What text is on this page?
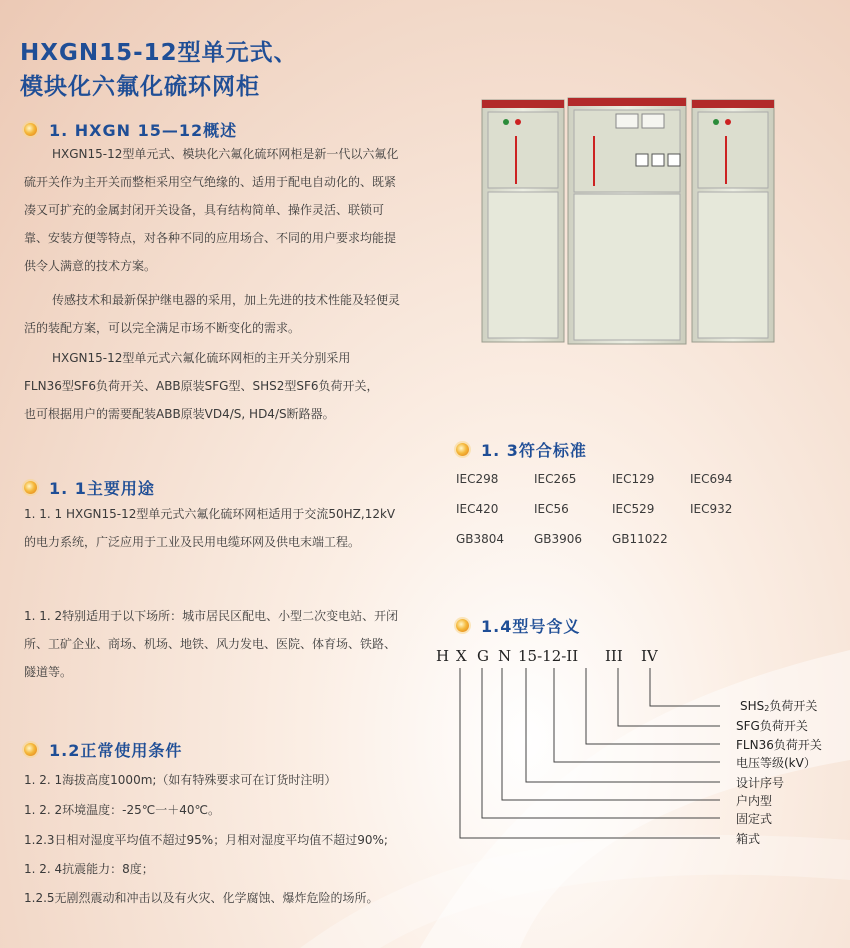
HXGN15-12型单元式、
模块化六氟化硫环网柜
1. HXGN 15—12概述

HXGN15-12型单元式、模块化六氟化硫环网柜是新一代以六氟化硫开关作为主开关而整柜采用空气绝缘的、适用于配电自动化的、既紧凑又可扩充的金属封闭开关设备，具有结构简单、操作灵活、联锁可靠、安装方便等特点，对各种不同的应用场合、不同的用户要求均能提供令人满意的技术方案。

传感技术和最新保护继电器的采用，加上先进的技术性能及轻便灵活的装配方案，可以完全满足市场不断变化的需求。

HXGN15-12型单元式六氟化硫环网柜的主开关分别采用
FLN36型SF6负荷开关、ABB原装SFG型、SHS2型SF6负荷开关，
也可根据用户的需要配装ABB原装VD4/S, HD4/S断路器。
1. 1主要用途

1. 1. 1 HXGN15-12型单元式六氟化硫环网柜适用于交流50HZ,12kV的电力系统，广泛应用于工业及民用电缆环网及供电末端工程。

1. 1. 2特别适用于以下场所：城市居民区配电、小型二次变电站、开闭所、工矿企业、商场、机场、地铁、风力发电、医院、体育场、铁路、隧道等。

1.2正常使用条件
1. 2. 1海拔高度1000m;（如有特殊要求可在订货时注明）
1. 2. 2环境温度：-25℃一＋40℃。
1.2.3日相对湿度平均值不超过95%；月相对湿度平均值不超过90%;
1. 2. 4抗震能力：8度；
1.2.5无剧烈震动和冲击以及有火灾、化学腐蚀、爆炸危险的场所。
1. 3符合标准
IEC298	IEC265	IEC129	IEC694
IEC420	IEC56	IEC529	IEC932
GB3804 GB3906 GB11022
1.4型号含义
H X G N 15-12-II III IV
SHS2负荷开关
SFG负荷开关
FLN36负荷开关
电压等级(kV）
设计序号
户内型
固定式
箱式
